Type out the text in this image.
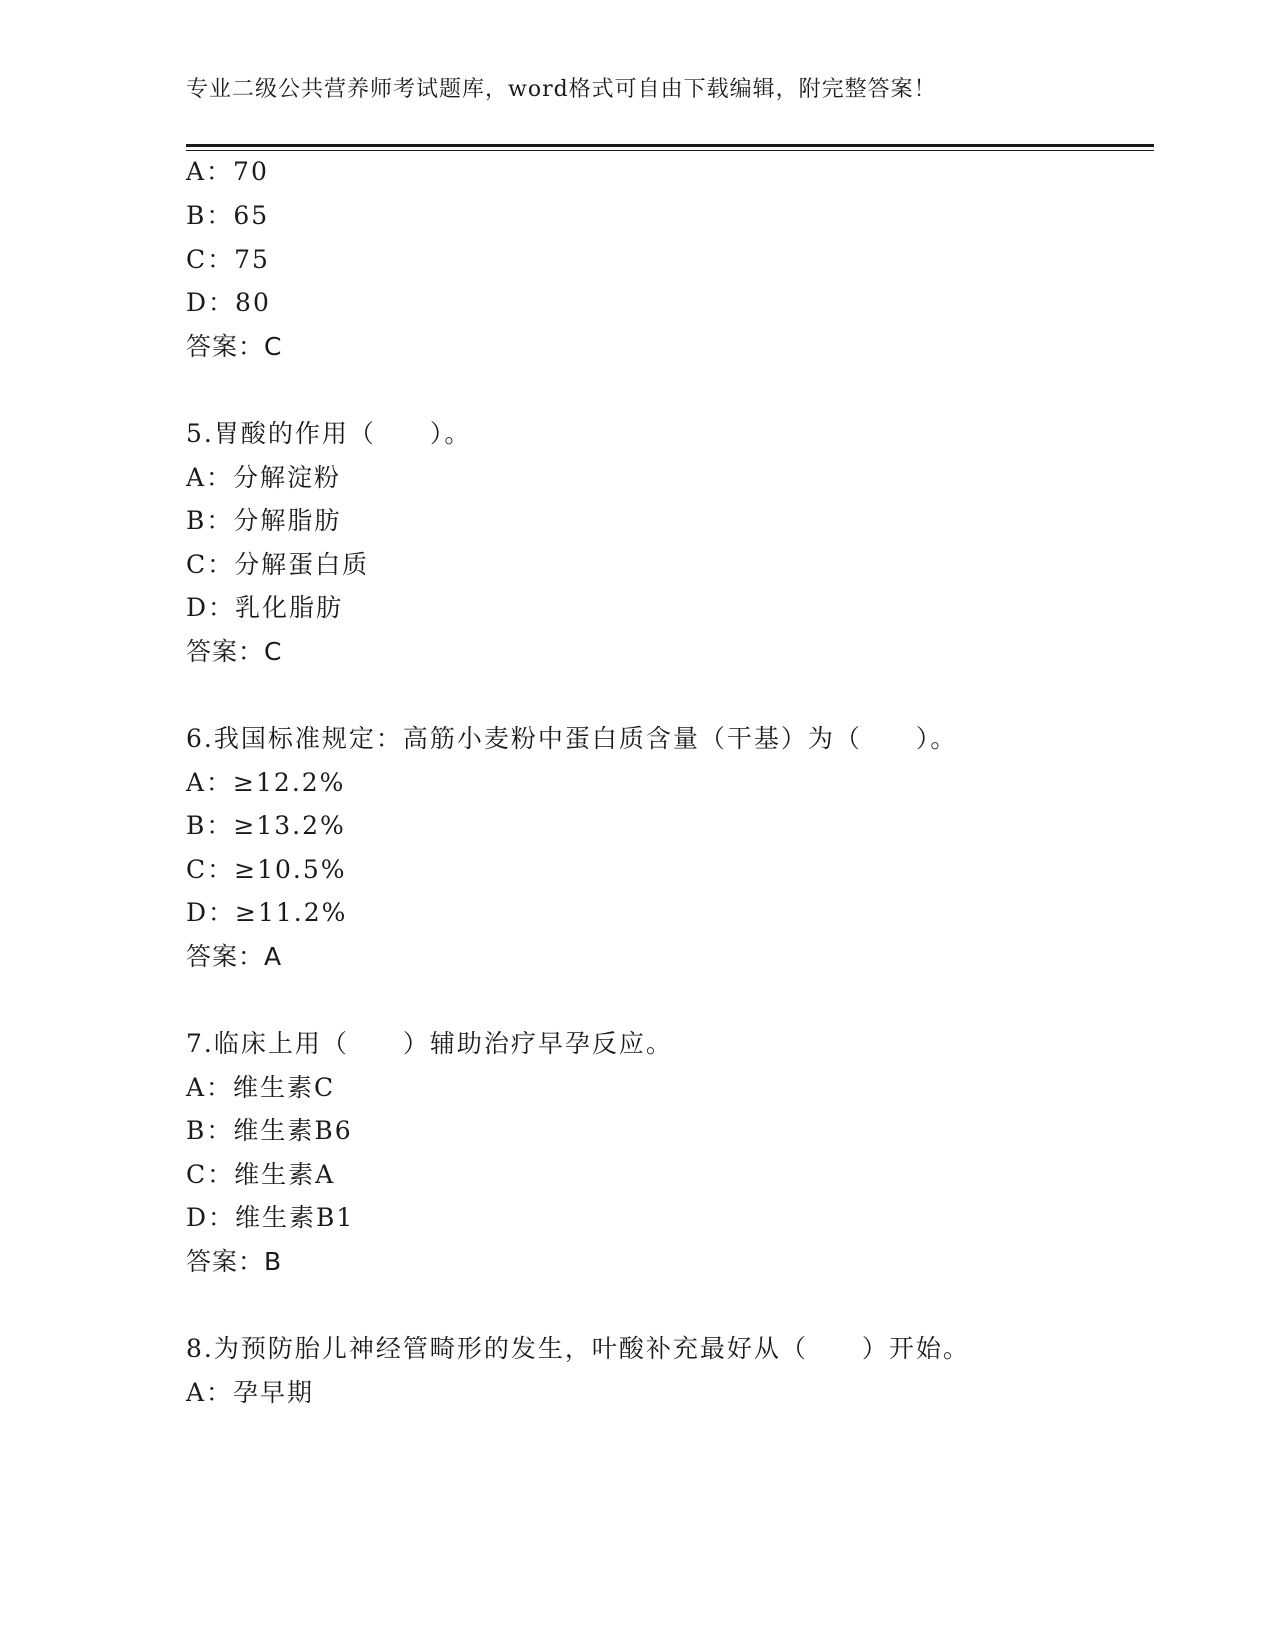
专业二级公共营养师考试题库，word格式可自由下载编辑，附完整答案！
A：70
B：65
C：75
D：80
答案：C
5.胃酸的作用（　　）。
A：分解淀粉
B：分解脂肪
C：分解蛋白质
D：乳化脂肪
答案：C
6.我国标准规定：高筋小麦粉中蛋白质含量（干基）为（　　）。
A：≥12.2%
B：≥13.2%
C：≥10.5%
D：≥11.2%
答案：A
7.临床上用（　　）辅助治疗早孕反应。
A：维生素C
B：维生素B6
C：维生素A
D：维生素B1
答案：B
8.为预防胎儿神经管畸形的发生，叶酸补充最好从（　　）开始。
A：孕早期
